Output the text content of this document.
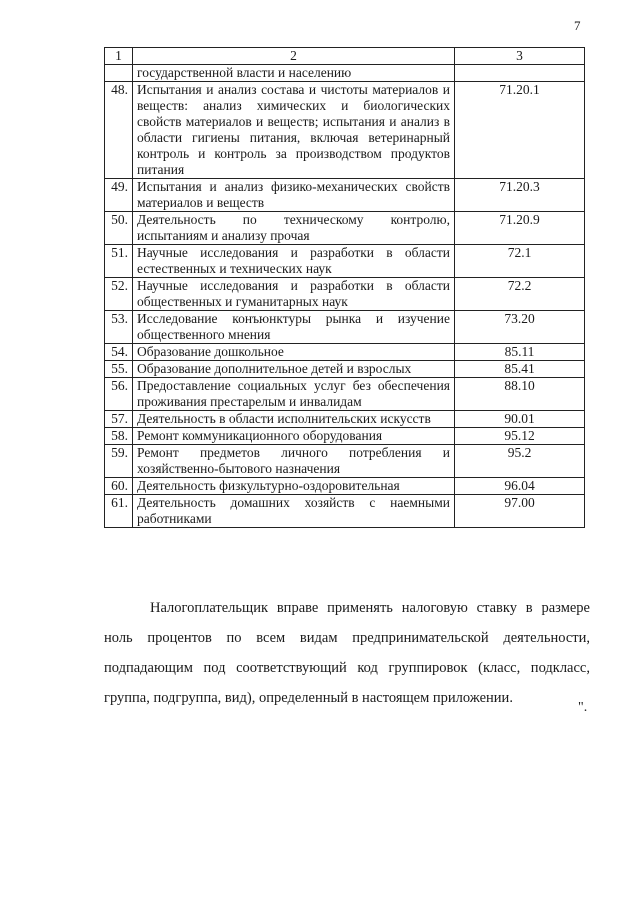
7
1	2	3
	государственной власти и населению	
48.	Испытания и анализ состава и чистоты материалов и веществ: анализ химических и биологических свойств материалов и веществ; испытания и анализ в области гигиены питания, включая ветеринарный контроль и контроль за производством продуктов питания	71.20.1
49.	Испытания и анализ физико-механических свойств материалов и веществ	71.20.3
50.	Деятельность по техническому контролю, испытаниям и анализу прочая	71.20.9
51.	Научные исследования и разработки в области естественных и технических наук	72.1
52.	Научные исследования и разработки в области общественных и гуманитарных наук	72.2
53.	Исследование конъюнктуры рынка и изучение общественного мнения	73.20
54.	Образование дошкольное	85.11
55.	Образование дополнительное детей и взрослых	85.41
56.	Предоставление социальных услуг без обеспечения проживания престарелым и инвалидам	88.10
57.	Деятельность в области исполнительских искусств	90.01
58.	Ремонт коммуникационного оборудования	95.12
59.	Ремонт предметов личного потребления и хозяйственно-бытового назначения	95.2
60.	Деятельность физкультурно-оздоровительная	96.04
61.	Деятельность домашних хозяйств с наемными работниками	97.00
Налогоплательщик вправе применять налоговую ставку в размере ноль процентов по всем видам предпринимательской деятельности, подпадающим под соответствующий код группировок (класс, подкласс, группа, подгруппа, вид), определенный в настоящем приложении.
".
